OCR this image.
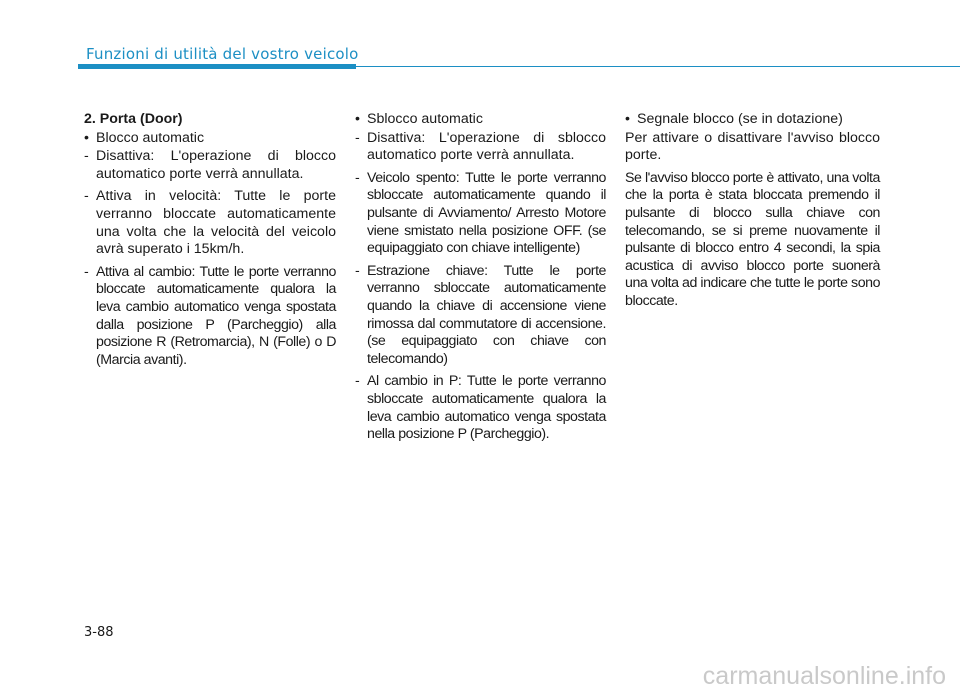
Funzioni di utilità del vostro veicolo
2. Porta (Door)
• Blocco automatic
- Disattiva: L'operazione di blocco automatico porte verrà annullata.
- Attiva in velocità: Tutte le porte verranno bloccate automaticamente una volta che la velocità del veicolo avrà superato i 15km/h.
- Attiva al cambio: Tutte le porte verranno bloccate automaticamente qualora la leva cambio automatico venga spostata dalla posizione P (Parcheggio) alla posizione R (Retromarcia), N (Folle) o D (Marcia avanti).
• Sblocco automatic
- Disattiva: L'operazione di sblocco automatico porte verrà annullata.
- Veicolo spento: Tutte le porte verranno sbloccate automaticamente quando il pulsante di Avviamento/ Arresto Motore viene smistato nella posizione OFF. (se equipaggiato con chiave intelligente)
- Estrazione chiave: Tutte le porte verranno sbloccate automaticamente quando la chiave di accensione viene rimossa dal commutatore di accensione. (se equipaggiato con chiave con telecomando)
- Al cambio in P: Tutte le porte verranno sbloccate automaticamente qualora la leva cambio automatico venga spostata nella posizione P (Parcheggio).
• Segnale blocco (se in dotazione)
Per attivare o disattivare l'avviso blocco porte.
Se l'avviso blocco porte è attivato, una volta che la porta è stata bloccata premendo il pulsante di blocco sulla chiave con telecomando, se si preme nuovamente il pulsante di blocco entro 4 secondi, la spia acustica di avviso blocco porte suonerà una volta ad indicare che tutte le porte sono bloccate.
3-88
carmanualsonline.info
